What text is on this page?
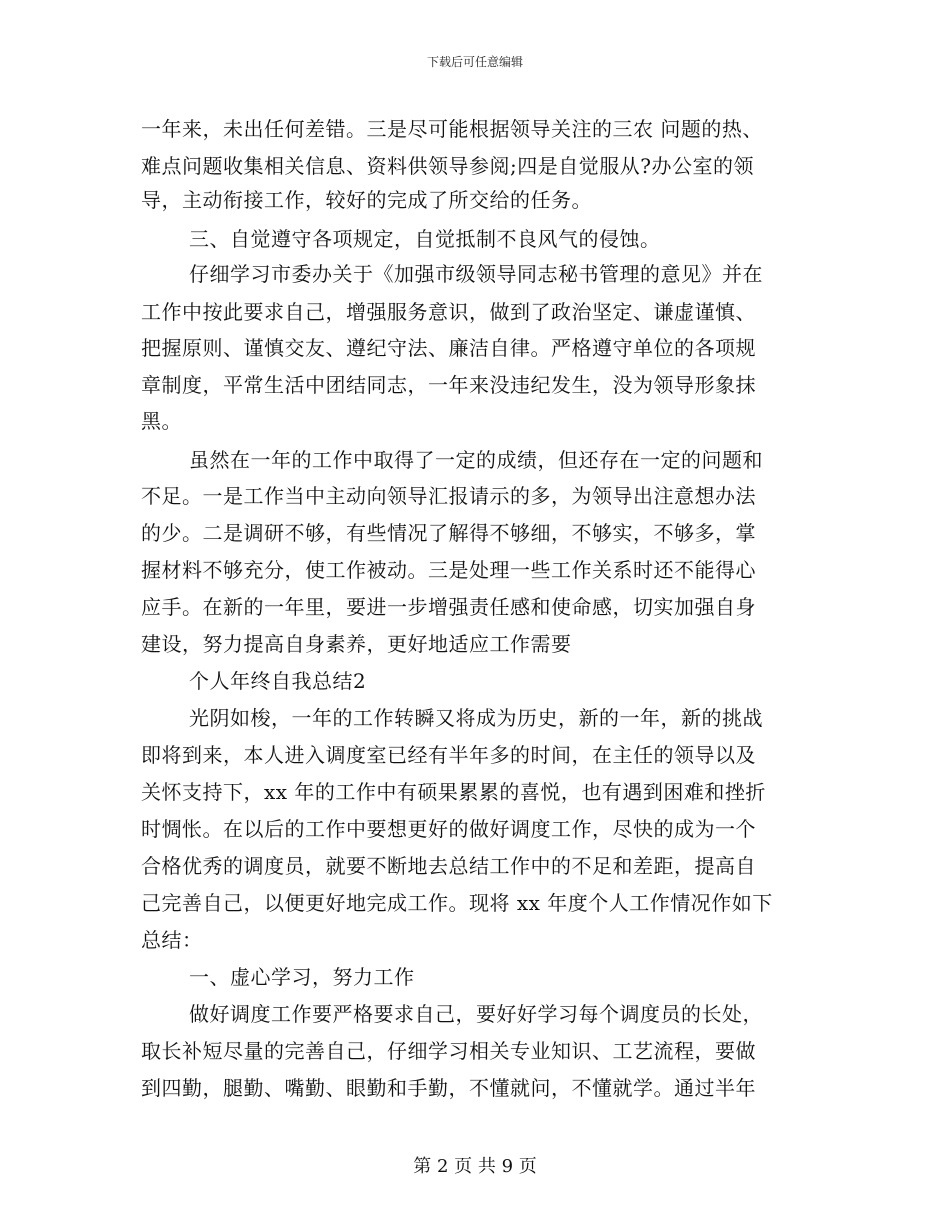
下载后可任意编辑

一年来，未出任何差错。三是尽可能根据领导关注的三农 问题的热、

难点问题收集相关信息、资料供领导参阅;四是自觉服从?办公室的领

导，主动衔接工作，较好的完成了所交给的任务。

三、自觉遵守各项规定，自觉抵制不良风气的侵蚀。

仔细学习市委办关于《加强市级领导同志秘书管理的意见》并在

工作中按此要求自己，增强服务意识，做到了政治坚定、谦虚谨慎、

把握原则、谨慎交友、遵纪守法、廉洁自律。严格遵守单位的各项规

章制度，平常生活中团结同志，一年来没违纪发生，没为领导形象抹

黑。

虽然在一年的工作中取得了一定的成绩，但还存在一定的问题和

不足。一是工作当中主动向领导汇报请示的多，为领导出注意想办法

的少。二是调研不够，有些情况了解得不够细，不够实，不够多，掌

握材料不够充分，使工作被动。三是处理一些工作关系时还不能得心

应手。在新的一年里，要进一步增强责任感和使命感，切实加强自身

建设，努力提高自身素养，更好地适应工作需要

个人年终自我总结2

光阴如梭，一年的工作转瞬又将成为历史，新的一年，新的挑战

即将到来，本人进入调度室已经有半年多的时间，在主任的领导以及

关怀支持下，xx 年的工作中有硕果累累的喜悦，也有遇到困难和挫折

时惆怅。在以后的工作中要想更好的做好调度工作，尽快的成为一个

合格优秀的调度员，就要不断地去总结工作中的不足和差距，提高自

己完善自己，以便更好地完成工作。现将 xx 年度个人工作情况作如下

总结：

一、虚心学习，努力工作

做好调度工作要严格要求自己，要好好学习每个调度员的长处，

取长补短尽量的完善自己，仔细学习相关专业知识、工艺流程，要做

到四勤，腿勤、嘴勤、眼勤和手勤，不懂就问，不懂就学。通过半年

第 2 页 共 9 页
